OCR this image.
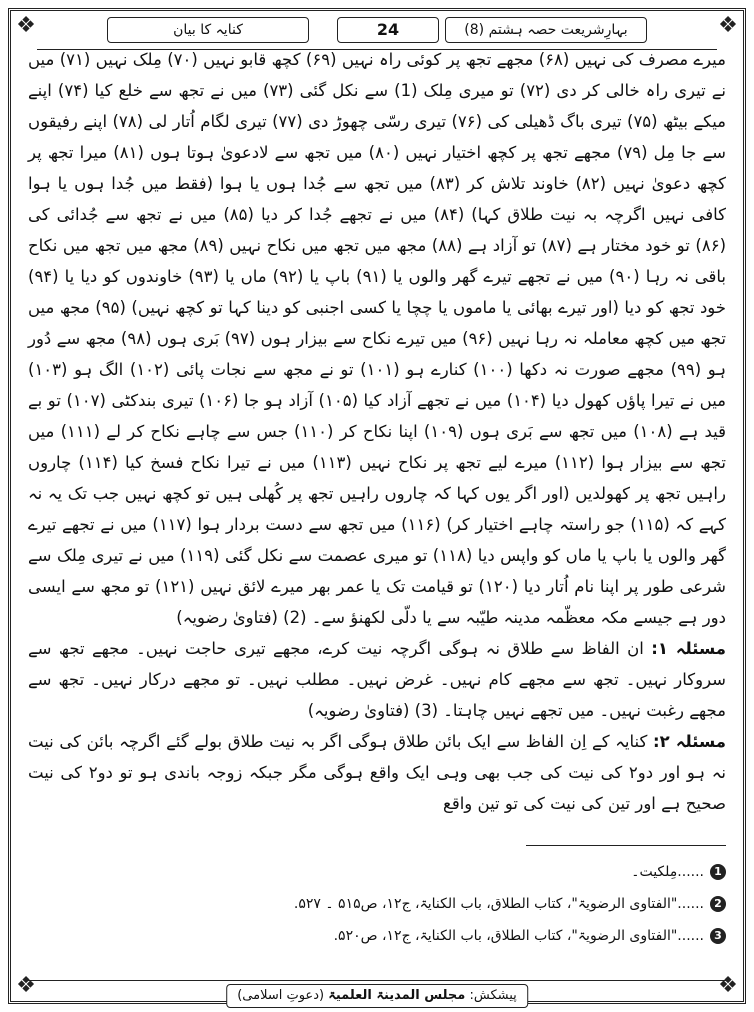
❖	❖
❖	❖
کنایہ کا بیان	24	بہارِشریعت حصہ ہشتم (8)

میرے مصرف کی نہیں (۶۸) مجھے تجھ پر کوئی راہ نہیں (۶۹) کچھ قابو نہیں (۷۰) مِلک نہیں (۷۱) میں نے تیری راہ خالی کر دی (۷۲) تو میری مِلک (1) سے نکل گئی (۷۳) میں نے تجھ سے خلع کیا (۷۴) اپنے میکے بیٹھ (۷۵) تیری باگ ڈھیلی کی (۷۶) تیری رسّی چھوڑ دی (۷۷) تیری لگام اُتار لی (۷۸) اپنے رفیقوں سے جا مِل (۷۹) مجھے تجھ پر کچھ اختیار نہیں (۸۰) میں تجھ سے لادعویٰ ہوتا ہوں (۸۱) میرا تجھ پر کچھ دعویٰ نہیں (۸۲) خاوند تلاش کر (۸۳) میں تجھ سے جُدا ہوں یا ہوا (فقط میں جُدا ہوں یا ہوا کافی نہیں اگرچہ بہ نیت طلاق کہا) (۸۴) میں نے تجھے جُدا کر دیا (۸۵) میں نے تجھ سے جُدائی کی (۸۶) تو خود مختار ہے (۸۷) تو آزاد ہے (۸۸) مجھ میں تجھ میں نکاح نہیں (۸۹) مجھ میں تجھ میں نکاح باقی نہ رہا (۹۰) میں نے تجھے تیرے گھر والوں یا (۹۱) باپ یا (۹۲) ماں یا (۹۳) خاوندوں کو دیا یا (۹۴) خود تجھ کو دیا (اور تیرے بھائی یا ماموں یا چچا یا کسی اجنبی کو دینا کہا تو کچھ نہیں) (۹۵) مجھ میں تجھ میں کچھ معاملہ نہ رہا نہیں (۹۶) میں تیرے نکاح سے بیزار ہوں (۹۷) بَری ہوں (۹۸) مجھ سے دُور ہو (۹۹) مجھے صورت نہ دکھا (۱۰۰) کنارے ہو (۱۰۱) تو نے مجھ سے نجات پائی (۱۰۲) الگ ہو (۱۰۳) میں نے تیرا پاؤں کھول دیا (۱۰۴) میں نے تجھے آزاد کیا (۱۰۵) آزاد ہو جا (۱۰۶) تیری بندکٹی (۱۰۷) تو بے قید ہے (۱۰۸) میں تجھ سے بَری ہوں (۱۰۹) اپنا نکاح کر (۱۱۰) جس سے چاہے نکاح کر لے (۱۱۱) میں تجھ سے بیزار ہوا (۱۱۲) میرے لیے تجھ پر نکاح نہیں (۱۱۳) میں نے تیرا نکاح فسخ کیا (۱۱۴) چاروں راہیں تجھ پر کھولدیں (اور اگر یوں کہا کہ چاروں راہیں تجھ پر کُھلی ہیں تو کچھ نہیں جب تک یہ نہ کہے کہ (۱۱۵) جو راستہ چاہے اختیار کر) (۱۱۶) میں تجھ سے دست بردار ہوا (۱۱۷) میں نے تجھے تیرے گھر والوں یا باپ یا ماں کو واپس دیا (۱۱۸) تو میری عصمت سے نکل گئی (۱۱۹) میں نے تیری مِلک سے شرعی طور پر اپنا نام اُتار دیا (۱۲۰) تو قیامت تک یا عمر بھر میرے لائق نہیں (۱۲۱) تو مجھ سے ایسی دور ہے جیسے مکہ معظّمہ مدینہ طیّبہ سے یا دلّی لکھنؤ سے۔ (2) (فتاویٰ رضویہ)

مسئلہ ۱: ان الفاظ سے طلاق نہ ہوگی اگرچہ نیت کرے، مجھے تیری حاجت نہیں۔ مجھے تجھ سے سروکار نہیں۔ تجھ سے مجھے کام نہیں۔ غرض نہیں۔ مطلب نہیں۔ تو مجھے درکار نہیں۔ تجھ سے مجھے رغبت نہیں۔ میں تجھے نہیں چاہتا۔ (3) (فتاویٰ رضویہ)

مسئلہ ۲: کنایہ کے اِن الفاظ سے ایک بائن طلاق ہوگی اگر بہ نیت طلاق بولے گئے اگرچہ بائن کی نیت نہ ہو اور دو۲ کی نیت کی جب بھی وہی ایک واقع ہوگی مگر جبکہ زوجہ باندی ہو تو دو۲ کی نیت صحیح ہے اور تین کی نیت کی تو تین واقع

1
......مِلکیت۔
2
......"الفتاوی الرضویۃ"، کتاب الطلاق، باب الکنایۃ، ج۱۲، ص۵۱۵ ۔ ۵۲۷.
3
......"الفتاوی الرضویۃ"، کتاب الطلاق، باب الکنایۃ، ج۱۲، ص۵۲۰.
پیشکش: مجلس المدینۃ العلمیۃ (دعوتِ اسلامی)
